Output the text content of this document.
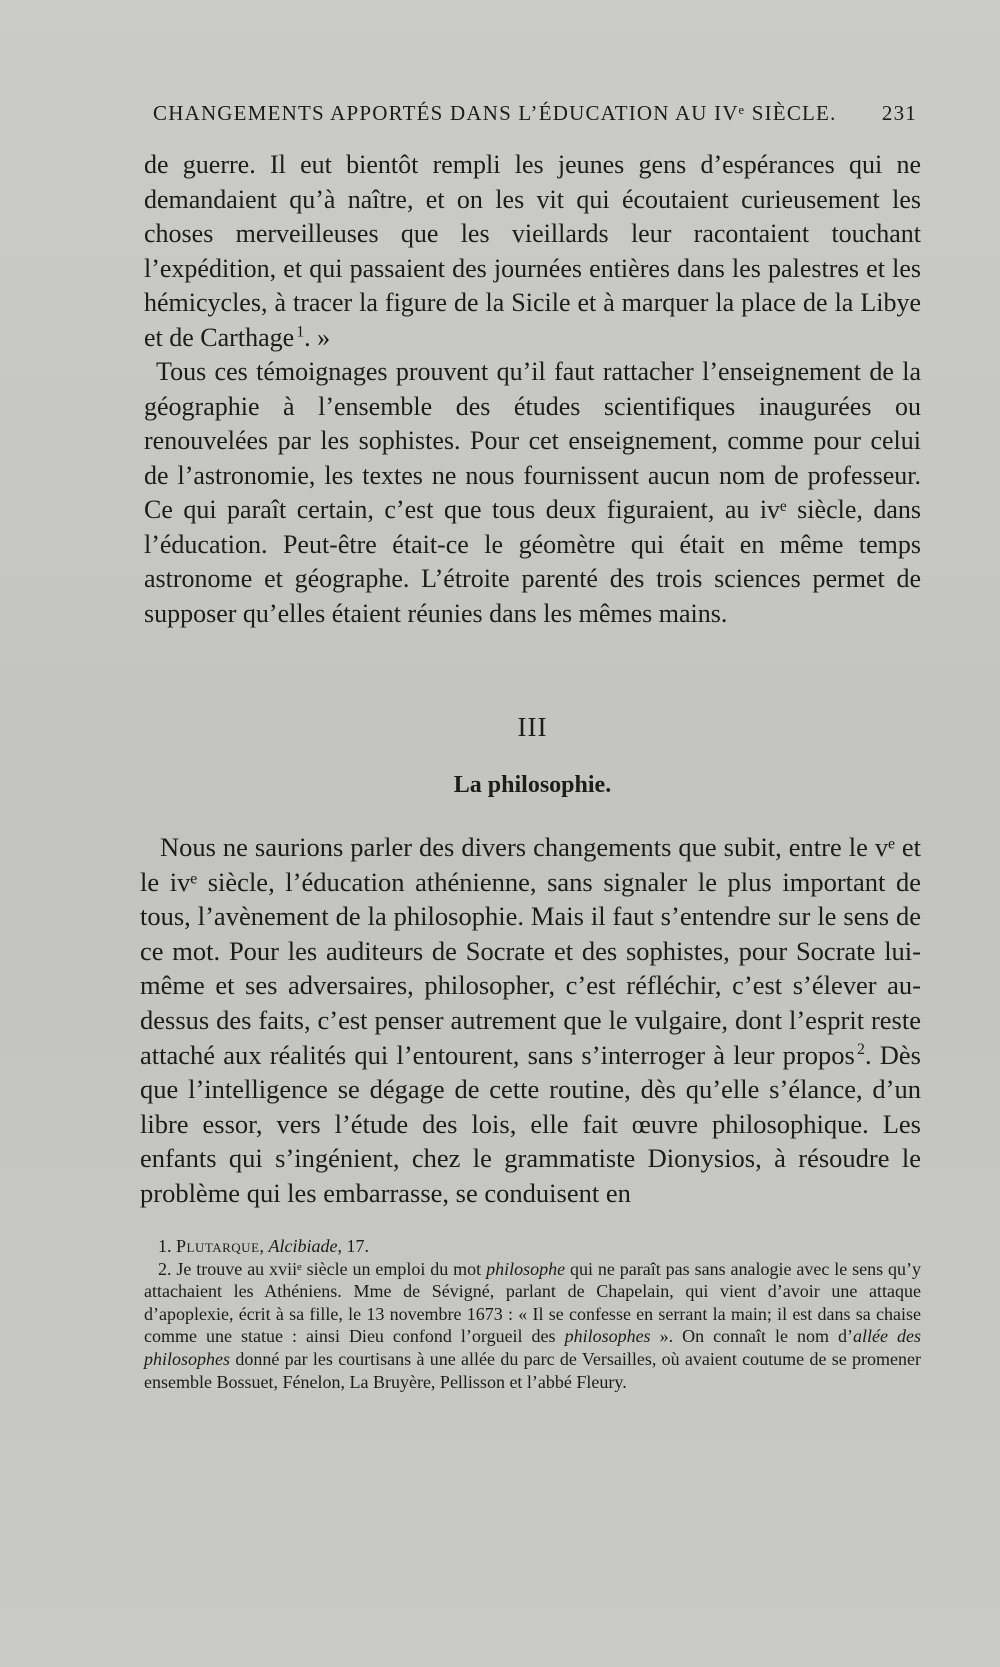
CHANGEMENTS APPORTÉS DANS L’ÉDUCATION AU IVᵉ SIÈCLE. 231

de guerre. Il eut bientôt rempli les jeunes gens d’espérances qui ne demandaient qu’à naître, et on les vit qui écoutaient curieusement les choses merveilleuses que les vieillards leur racontaient touchant l’expédition, et qui passaient des journées entières dans les palestres et les hémicycles, à tracer la figure de la Sicile et à marquer la place de la Libye et de Carthage  $^1$. »

Tous ces témoignages prouvent qu’il faut rattacher l’enseignement de la géographie à l’ensemble des études scientifiques inaugurées ou renouvelées par les sophistes. Pour cet enseignement, comme pour celui de l’astronomie, les textes ne nous fournissent aucun nom de professeur. Ce qui paraît certain, c’est que tous deux figuraient, au ivᵉ siècle, dans l’éducation. Peut-être était-ce le géomètre qui était en même temps astronome et géographe. L’étroite parenté des trois sciences permet de supposer qu’elles étaient réunies dans les mêmes mains.

III
La philosophie.

Nous ne saurions parler des divers changements que subit, entre le vᵉ et le ivᵉ siècle, l’éducation athénienne, sans signaler le plus important de tous, l’avènement de la philosophie. Mais il faut s’entendre sur le sens de ce mot. Pour les auditeurs de Socrate et des sophistes, pour Socrate lui-même et ses adversaires, philosopher, c’est réfléchir, c’est s’élever au-dessus des faits, c’est penser autrement que le vulgaire, dont l’esprit reste attaché aux réalités qui l’entourent, sans s’interroger à leur propos  $^2$. Dès que l’intelligence se dégage de cette routine, dès qu’elle s’élance, d’un libre essor, vers l’étude des lois, elle fait œuvre philosophique. Les enfants qui s’ingénient, chez le grammatiste Dionysios, à résoudre le problème qui les embarrasse, se conduisent en

1. Plutarque, Alcibiade, 17.

2. Je trouve au xviiᵉ siècle un emploi du mot philosophe qui ne paraît pas sans analogie avec le sens qu’y attachaient les Athéniens. Mme de Sévigné, parlant de Chapelain, qui vient d’avoir une attaque d’apoplexie, écrit à sa fille, le 13 novembre 1673 : « Il se confesse en serrant la main; il est dans sa chaise comme une statue : ainsi Dieu confond l’orgueil des philosophes ». On connaît le nom d’allée des philosophes donné par les courtisans à une allée du parc de Versailles, où avaient coutume de se promener ensemble Bossuet, Fénelon, La Bruyère, Pellisson et l’abbé Fleury.
